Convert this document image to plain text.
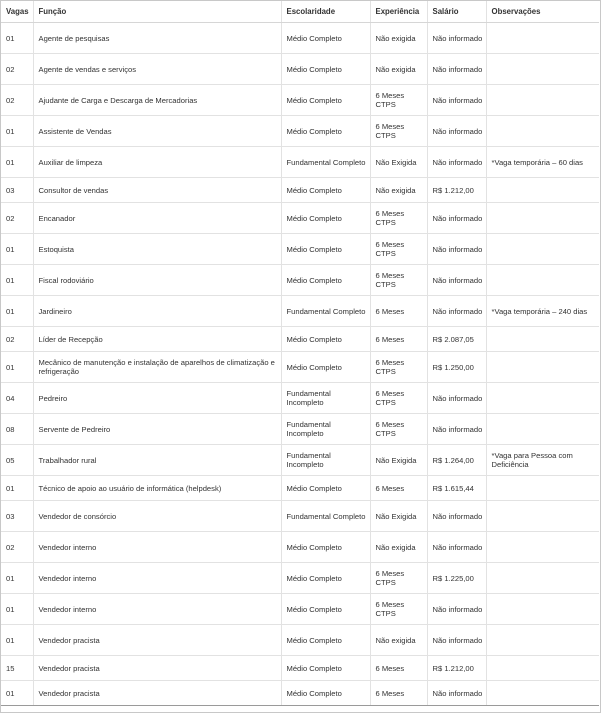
Vagas	Função	Escolaridade	Experiência	Salário	Observações
01	Agente de pesquisas	Médio Completo	Não exigida	Não informado	
02	Agente de vendas e serviços	Médio Completo	Não exigida	Não informado	
02	Ajudante de Carga e Descarga de Mercadorias	Médio Completo	6 Meses CTPS	Não informado	
01	Assistente de Vendas	Médio Completo	6 Meses CTPS	Não informado	
01	Auxiliar de limpeza	Fundamental Completo	Não Exigida	Não informado	*Vaga temporária – 60 dias
03	Consultor de vendas	Médio Completo	Não exigida	R$ 1.212,00	
02	Encanador	Médio Completo	6 Meses CTPS	Não informado	
01	Estoquista	Médio Completo	6 Meses CTPS	Não informado	
01	Fiscal rodoviário	Médio Completo	6 Meses CTPS	Não informado	
01	Jardineiro	Fundamental Completo	6 Meses	Não informado	*Vaga temporária – 240 dias
02	Líder de Recepção	Médio Completo	6 Meses	R$ 2.087,05	
01	Mecânico de manutenção e instalação de aparelhos de climatização e refrigeração	Médio Completo	6 Meses CTPS	R$ 1.250,00	
04	Pedreiro	Fundamental Incompleto	6 Meses CTPS	Não informado	
08	Servente de Pedreiro	Fundamental Incompleto	6 Meses CTPS	Não informado	
05	Trabalhador rural	Fundamental Incompleto	Não Exigida	R$ 1.264,00	*Vaga para Pessoa com Deficiência
01	Técnico de apoio ao usuário de informática (helpdesk)	Médio Completo	6 Meses	R$ 1.615,44	
03	Vendedor de consórcio	Fundamental Completo	Não Exigida	Não informado	
02	Vendedor interno	Médio Completo	Não exigida	Não informado	
01	Vendedor interno	Médio Completo	6 Meses CTPS	R$ 1.225,00	
01	Vendedor interno	Médio Completo	6 Meses CTPS	Não informado	
01	Vendedor pracista	Médio Completo	Não exigida	Não informado	
15	Vendedor pracista	Médio Completo	6 Meses	R$ 1.212,00	
01	Vendedor pracista	Médio Completo	6 Meses	Não informado	
